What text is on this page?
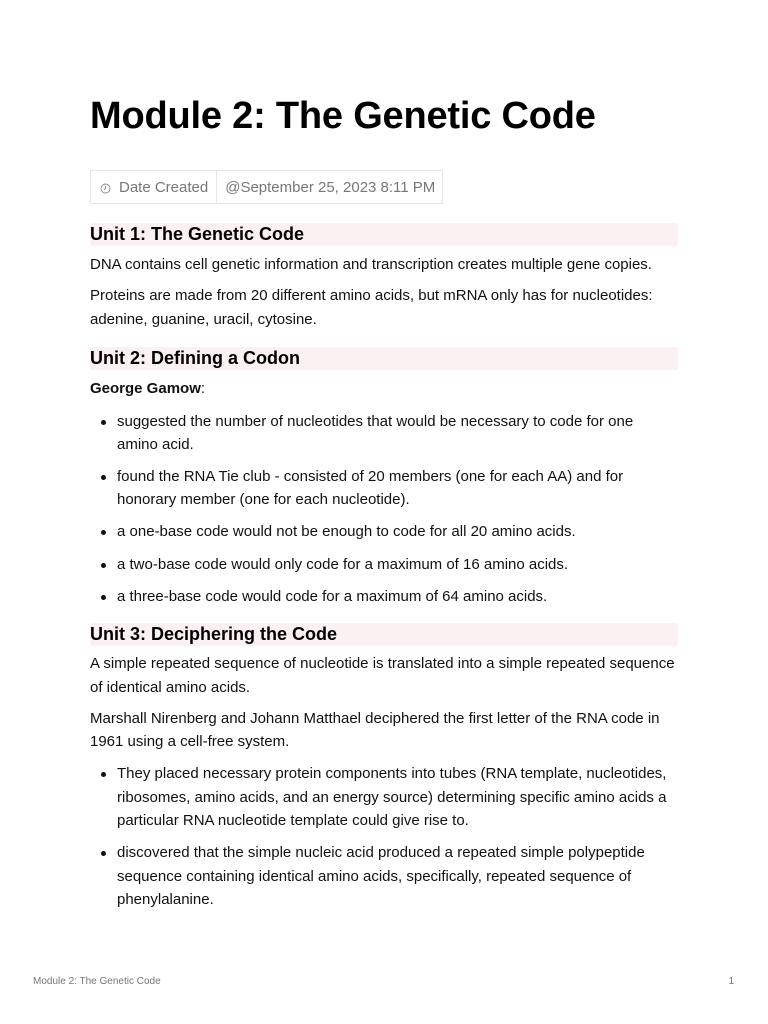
Module 2: The Genetic Code
Date Created	@September 25, 2023 8:11 PM
Unit 1: The Genetic Code

DNA contains cell genetic information and transcription creates multiple gene copies.

Proteins are made from 20 different amino acids, but mRNA only has for nucleotides: adenine, guanine, uracil, cytosine.

Unit 2: Defining a Codon

George Gamow:

suggested the number of nucleotides that would be necessary to code for one amino acid.
found the RNA Tie club - consisted of 20 members (one for each AA) and for honorary member (one for each nucleotide).
a one-base code would not be enough to code for all 20 amino acids.
a two-base code would only code for a maximum of 16 amino acids.
a three-base code would code for a maximum of 64 amino acids.
Unit 3: Deciphering the Code

A simple repeated sequence of nucleotide is translated into a simple repeated sequence of identical amino acids.

Marshall Nirenberg and Johann Matthael deciphered the first letter of the RNA code in 1961 using a cell-free system.

They placed necessary protein components into tubes (RNA template, nucleotides, ribosomes, amino acids, and an energy source) determining specific amino acids a particular RNA nucleotide template could give rise to.
discovered that the simple nucleic acid produced a repeated simple polypeptide sequence containing identical amino acids, specifically, repeated sequence of phenylalanine.
Module 2: The Genetic Code	1
